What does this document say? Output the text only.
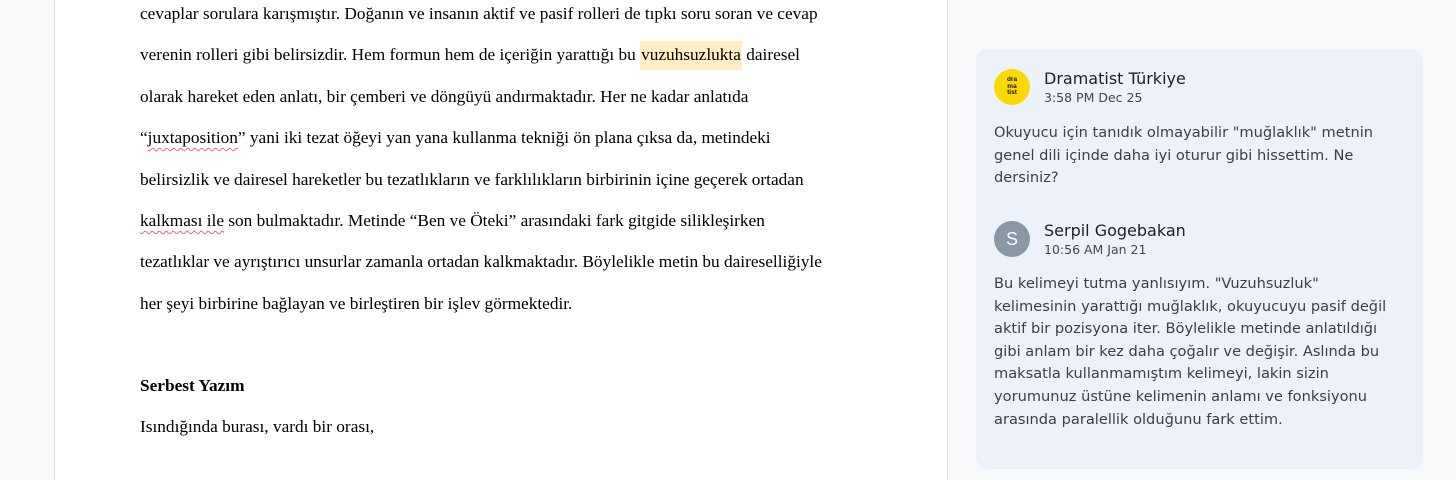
cevaplar sorulara karışmıştır. Doğanın ve insanın aktif ve pasif rolleri de tıpkı soru soran ve cevap
verenin rolleri gibi belirsizdir. Hem formun hem de içeriğin yarattığı bu vuzuhsuzlukta dairesel
olarak hareket eden anlatı, bir çemberi ve döngüyü andırmaktadır. Her ne kadar anlatıda
“juxtaposition” yani iki tezat öğeyi yan yana kullanma tekniği ön plana çıksa da, metindeki
belirsizlik ve dairesel hareketler bu tezatlıkların ve farklılıkların birbirinin içine geçerek ortadan
kalkması ile son bulmaktadır. Metinde “Ben ve Öteki” arasındaki fark gitgide silikleşirken
tezatlıklar ve ayrıştırıcı unsurlar zamanla ortadan kalkmaktadır. Böylelikle metin bu daireselliğiyle
her şeyi birbirine bağlayan ve birleştiren bir işlev görmektedir.
Serbest Yazım
Isındığında burası, vardı bir orası,
dra
ma
tist
Dramatist Türkiye
3:58 PM Dec 25
Okuyucu için tanıdık olmayabilir "muğlaklık" metnin genel dili içinde daha iyi oturur gibi hissettim. Ne dersiniz?
S	Serpil Gogebakan
10:56 AM Jan 21
Bu kelimeyi tutma yanlısıyım. "Vuzuhsuzluk" kelimesinin yarattığı muğlaklık, okuyucuyu pasif değil aktif bir pozisyona iter. Böylelikle metinde anlatıldığı gibi anlam bir kez daha çoğalır ve değişir. Aslında bu maksatla kullanmamıştım kelimeyi, lakin sizin yorumunuz üstüne kelimenin anlamı ve fonksiyonu arasında paralellik olduğunu fark ettim.
